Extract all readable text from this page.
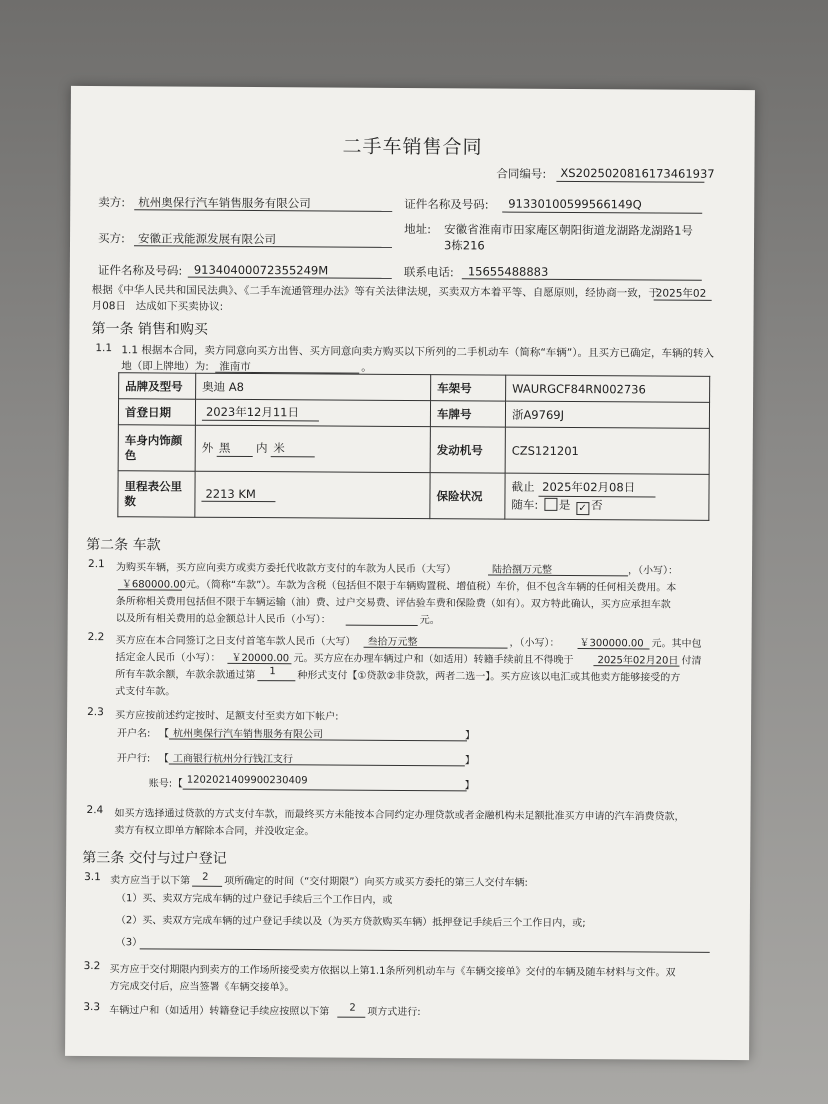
二手车销售合同
合同编号: XS2025020816173461937
卖方: 杭州奥保行汽车销售服务有限公司	证件名称及号码: 91330100599566149Q
买方: 安徽正戎能源发展有限公司
地址: 安徽省淮南市田家庵区朝阳街道龙湖路龙湖路1号
3栋216
证件名称及号码: 91340400072355249M	联系电话: 15655488883
根据《中华人民共和国民法典》、《二手车流通管理办法》等有关法律法规，买卖双方本着平等、自愿原则，经协商一致，于
2025年02
月08日 达成如下买卖协议:
第一条 销售和购买
1.1 1.1 根据本合同，卖方同意向买方出售、买方同意向卖方购买以下所列的二手机动车（简称“车辆”）。且买方已确定，车辆的转入
地（即上牌地）为: 淮南市	。
品牌及型号	奥迪 A8	车架号	WAURGCF84RN002736
首登日期	2023年12月11日	车牌号	浙A9769J
车身内饰颜色	外 黑 内 米	发动机号	CZS121201
里程表公里数	2213 KM	保险状况	截止 2025年02月08日
随车: 是 ✓ 否
第二条 车款
2.1 为购买车辆，买方应向卖方或卖方委托代收款方支付的车款为人民币（大写）	陆拾捌万元整	，（小写）：
￥680000.00 元。（简称“车款”）。车款为含税（包括但不限于车辆购置税、增值税）车价，但不包含车辆的任何相关费用。本
条所称相关费用包括但不限于车辆运输（油）费、过户交易费、评估验车费和保险费（如有）。双方特此确认，买方应承担车款
以及所有相关费用的总金额总计人民币（小写）：	元。
2.2 买方应在本合同签订之日支付首笔车款人民币（大写） 叁拾万元整	，（小写）： ￥300000.00 元。其中包
括定金人民币（小写）： ￥20000.00 元。买方应在办理车辆过户和（如适用）转籍手续前且不得晚于 2025年02月20日 付清
所有车款余额，车款余款通过第 1 种形式支付【①贷款②非贷款，两者二选一】。买方应该以电汇或其他卖方能够接受的方
式支付车款。
2.3 买方应按前述约定按时、足额支付至卖方如下帐户:
开户名: 【 杭州奥保行汽车销售服务有限公司	】
开户行: 【 工商银行杭州分行钱江支行	】
账号: 【 1202021409900230409	】
2.4 如买方选择通过贷款的方式支付车款，而最终买方未能按本合同约定办理贷款或者金融机构未足额批准买方申请的汽车消费贷款，
卖方有权立即单方解除本合同，并没收定金。
第三条 交付与过户登记
3.1 卖方应当于以下第 2 项所确定的时间（“交付期限”）向买方或买方委托的第三人交付车辆:
（1）买、卖双方完成车辆的过户登记手续后三个工作日内，或
（2）买、卖双方完成车辆的过户登记手续以及（为买方贷款购买车辆）抵押登记手续后三个工作日内，或;
（3）
3.2 买方应于交付期限内到卖方的工作场所接受卖方依据以上第1.1条所列机动车与《车辆交接单》交付的车辆及随车材料与文件。双
方完成交付后，应当签署《车辆交接单》。
3.3 车辆过户和（如适用）转籍登记手续应按照以下第 2 项方式进行:
